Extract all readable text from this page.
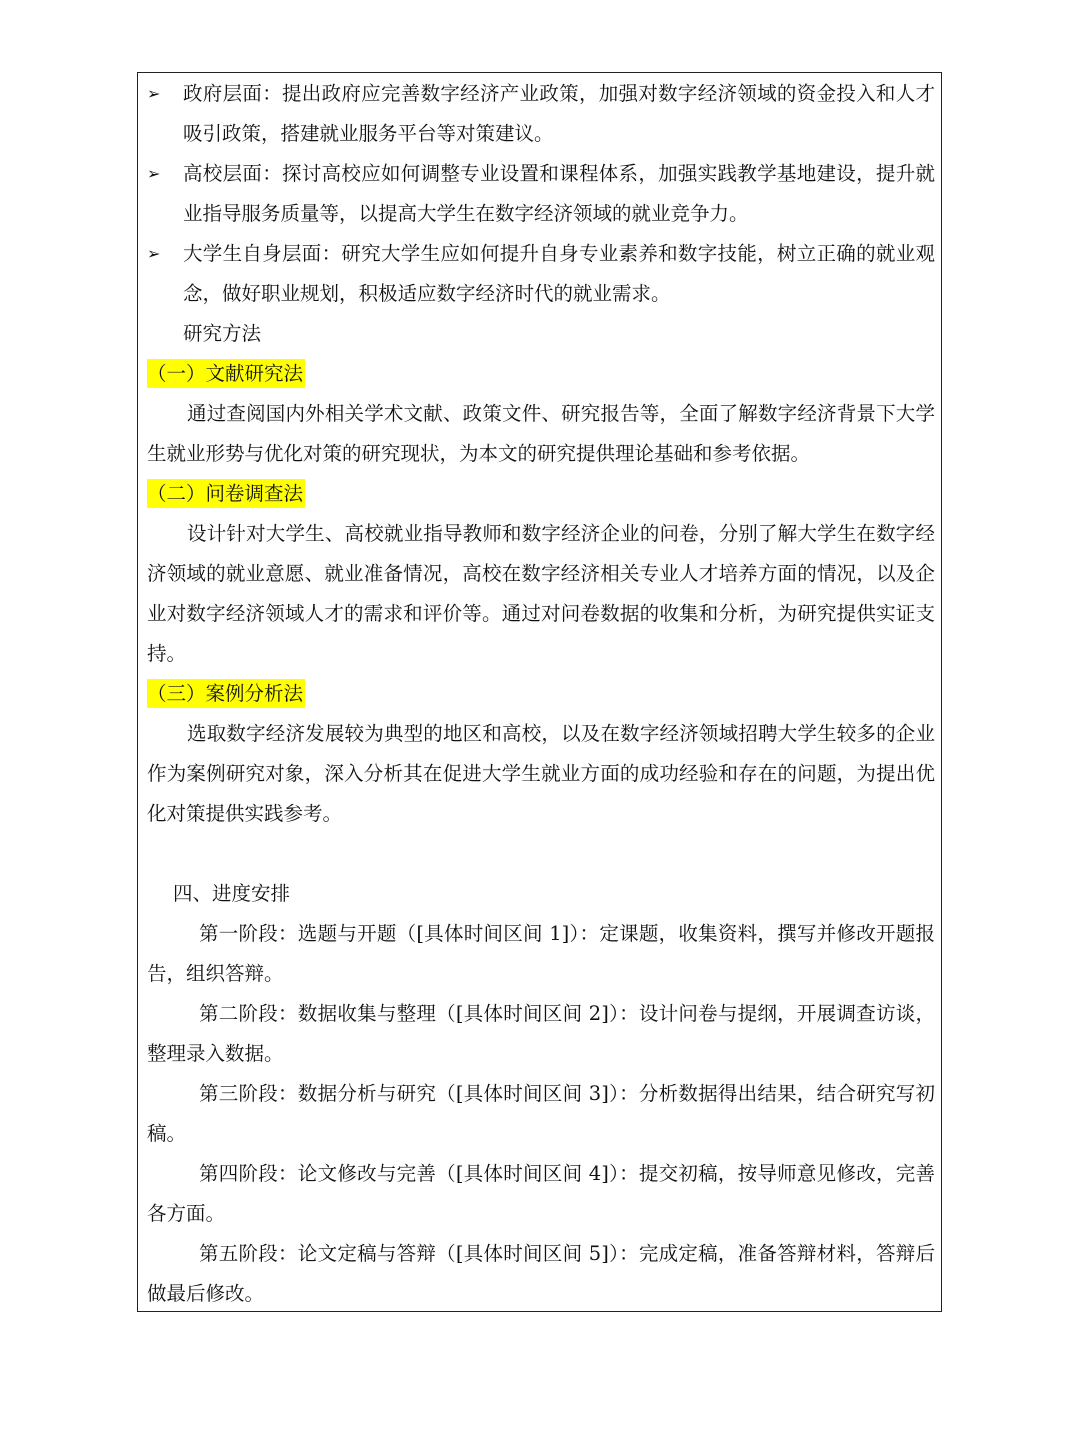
➢ 政府层面：提出政府应完善数字经济产业政策，加强对数字经济领域的资金投入和人才吸引政策，搭建就业服务平台等对策建议。
➢ 高校层面：探讨高校应如何调整专业设置和课程体系，加强实践教学基地建设，提升就业指导服务质量等，以提高大学生在数字经济领域的就业竞争力。
➢ 大学生自身层面：研究大学生应如何提升自身专业素养和数字技能，树立正确的就业观念，做好职业规划，积极适应数字经济时代的就业需求。
研究方法
（一）文献研究法
通过查阅国内外相关学术文献、政策文件、研究报告等，全面了解数字经济背景下大学生就业形势与优化对策的研究现状，为本文的研究提供理论基础和参考依据。
（二）问卷调查法
设计针对大学生、高校就业指导教师和数字经济企业的问卷，分别了解大学生在数字经济领域的就业意愿、就业准备情况，高校在数字经济相关专业人才培养方面的情况，以及企业对数字经济领域人才的需求和评价等。通过对问卷数据的收集和分析，为研究提供实证支持。
（三）案例分析法
选取数字经济发展较为典型的地区和高校，以及在数字经济领域招聘大学生较多的企业作为案例研究对象，深入分析其在促进大学生就业方面的成功经验和存在的问题，为提出优化对策提供实践参考。
四、进度安排
第一阶段：选题与开题（[具体时间区间 1]）：定课题，收集资料，撰写并修改开题报告，组织答辩。
第二阶段：数据收集与整理（[具体时间区间 2]）：设计问卷与提纲，开展调查访谈，整理录入数据。
第三阶段：数据分析与研究（[具体时间区间 3]）：分析数据得出结果，结合研究写初稿。
第四阶段：论文修改与完善（[具体时间区间 4]）：提交初稿，按导师意见修改，完善各方面。
第五阶段：论文定稿与答辩（[具体时间区间 5]）：完成定稿，准备答辩材料，答辩后做最后修改。
